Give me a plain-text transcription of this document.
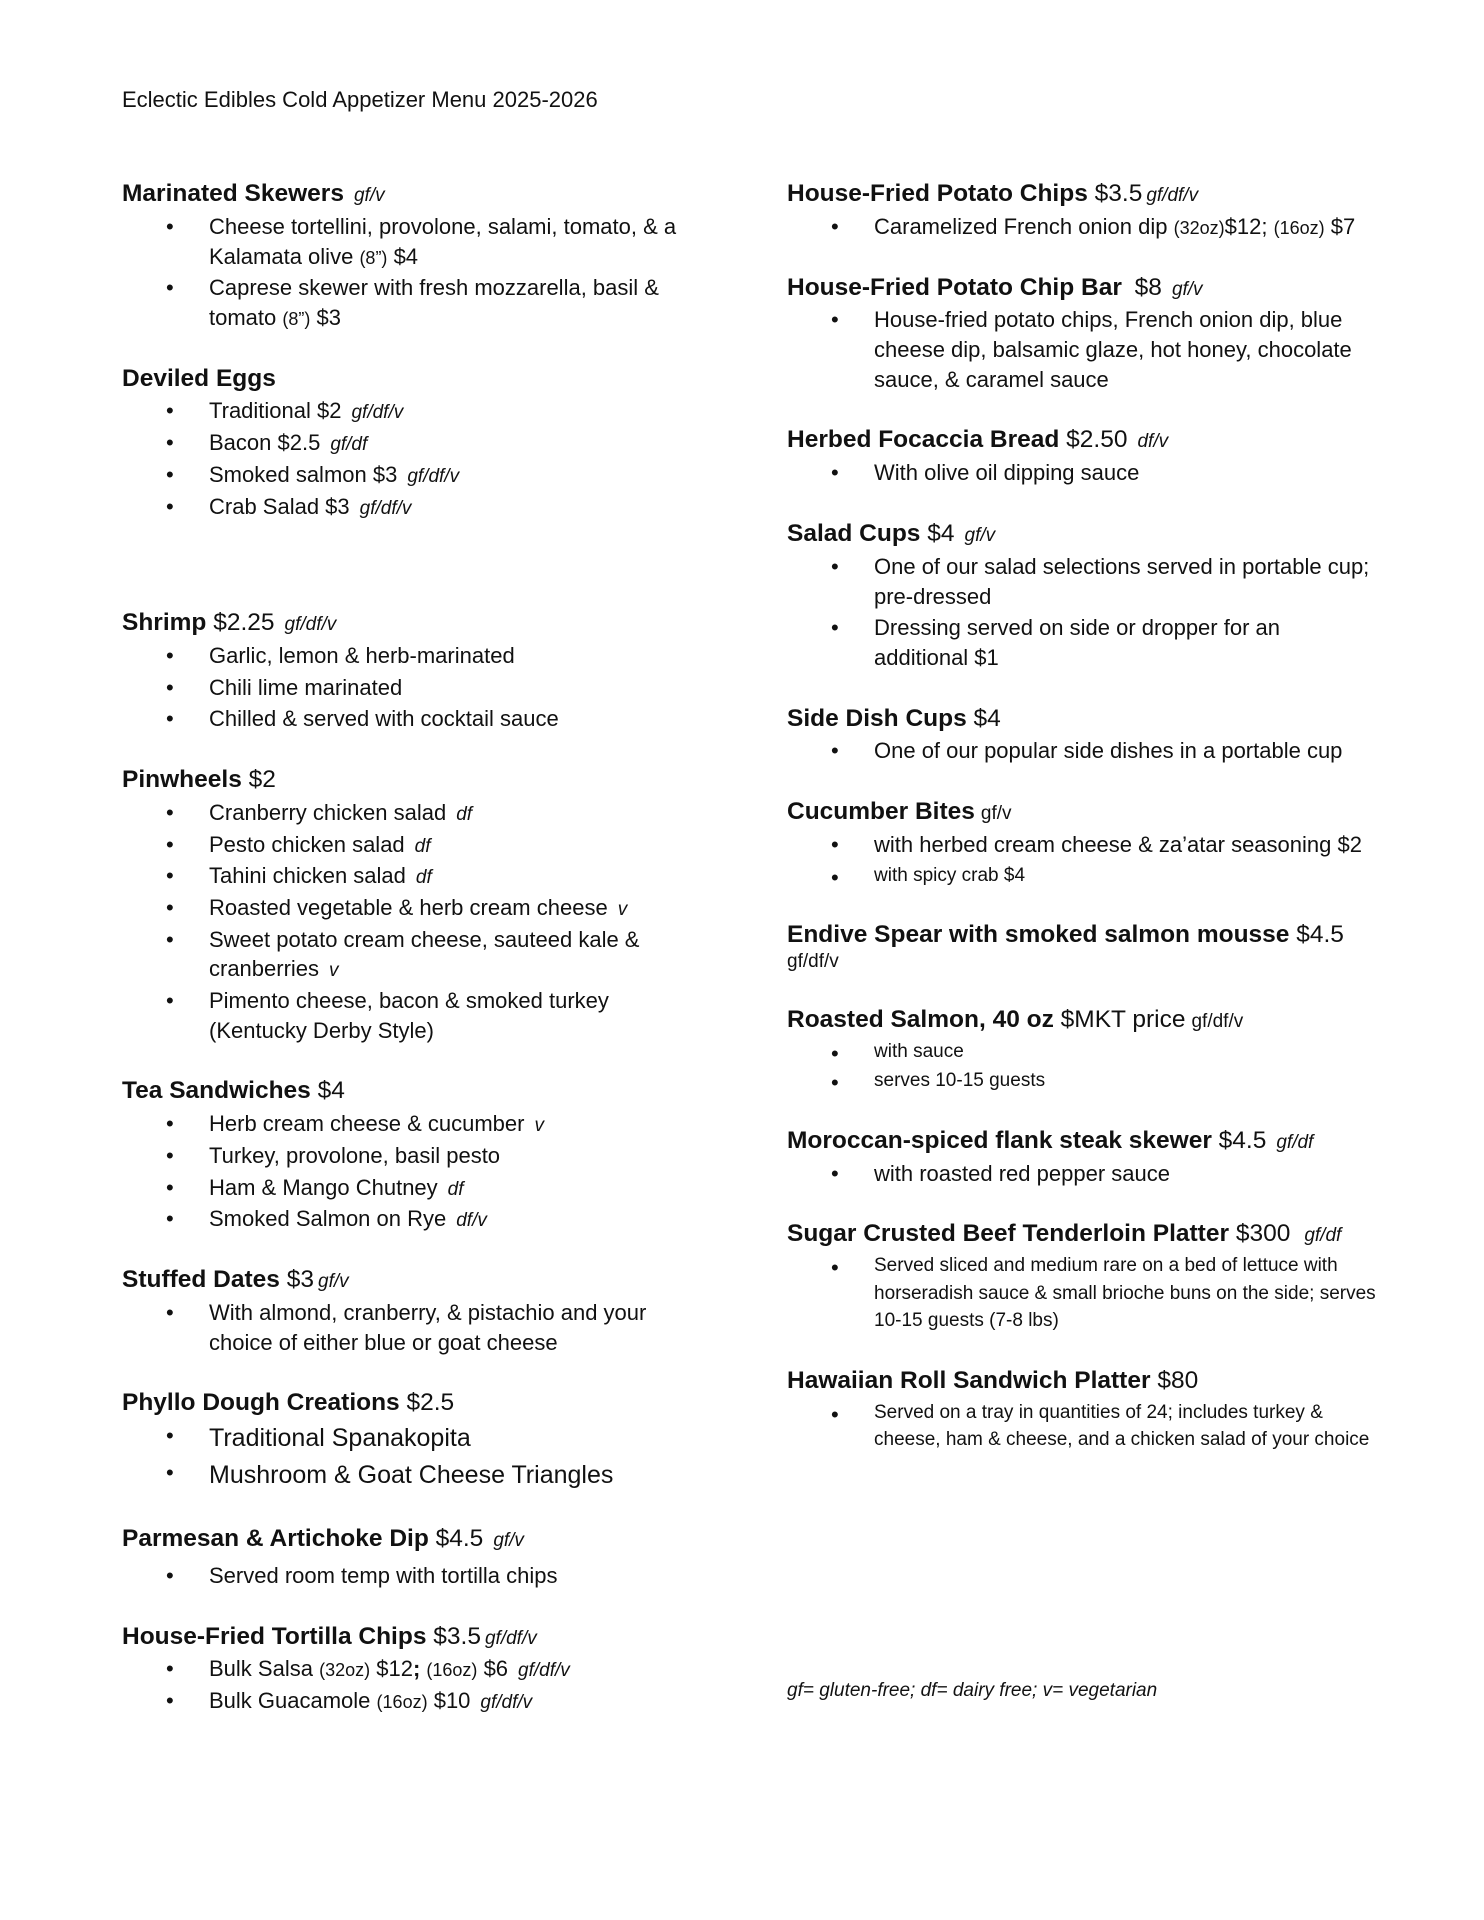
Eclectic Edibles Cold Appetizer Menu 2025-2026
Marinated Skewers gf/v
• Cheese tortellini, provolone, salami, tomato, & a Kalamata olive (8”) $4
• Caprese skewer with fresh mozzarella, basil & tomato (8”) $3
Deviled Eggs
• Traditional $2 gf/df/v
• Bacon $2.5 gf/df
• Smoked salmon $3 gf/df/v
• Crab Salad $3 gf/df/v
Shrimp $2.25 gf/df/v
• Garlic, lemon & herb-marinated
• Chili lime marinated
• Chilled & served with cocktail sauce
Pinwheels $2
• Cranberry chicken salad df
• Pesto chicken salad df
• Tahini chicken salad df
• Roasted vegetable & herb cream cheese v
• Sweet potato cream cheese, sauteed kale & cranberries v
• Pimento cheese, bacon & smoked turkey (Kentucky Derby Style)
Tea Sandwiches $4
• Herb cream cheese & cucumber v
• Turkey, provolone, basil pesto
• Ham & Mango Chutney df
• Smoked Salmon on Rye df/v
Stuffed Dates $3 gf/v
• With almond, cranberry, & pistachio and your choice of either blue or goat cheese
Phyllo Dough Creations $2.5
• Traditional Spanakopita
• Mushroom & Goat Cheese Triangles
Parmesan & Artichoke Dip $4.5 gf/v
• Served room temp with tortilla chips
House-Fried Tortilla Chips $3.5 gf/df/v
• Bulk Salsa (32oz) $12; (16oz) $6 gf/df/v
• Bulk Guacamole (16oz) $10 gf/df/v
House-Fried Potato Chips $3.5 gf/df/v
• Caramelized French onion dip (32oz)$12; (16oz) $7
House-Fried Potato Chip Bar $8 gf/v
• House-fried potato chips, French onion dip, blue cheese dip, balsamic glaze, hot honey, chocolate sauce, & caramel sauce
Herbed Focaccia Bread $2.50 df/v
• With olive oil dipping sauce
Salad Cups $4 gf/v
• One of our salad selections served in portable cup; pre-dressed
• Dressing served on side or dropper for an additional $1
Side Dish Cups $4
• One of our popular side dishes in a portable cup
Cucumber Bites gf/v
• with herbed cream cheese & za’atar seasoning $2
• with spicy crab $4
Endive Spear with smoked salmon mousse $4.5
gf/df/v
Roasted Salmon, 40 oz $MKT price gf/df/v
• with sauce
• serves 10-15 guests
Moroccan-spiced flank steak skewer $4.5 gf/df
• with roasted red pepper sauce
Sugar Crusted Beef Tenderloin Platter $300 gf/df
• Served sliced and medium rare on a bed of lettuce with horseradish sauce & small brioche buns on the side; serves 10-15 guests (7-8 lbs)
Hawaiian Roll Sandwich Platter $80
• Served on a tray in quantities of 24; includes turkey & cheese, ham & cheese, and a chicken salad of your choice
gf= gluten-free; df= dairy free; v= vegetarian
